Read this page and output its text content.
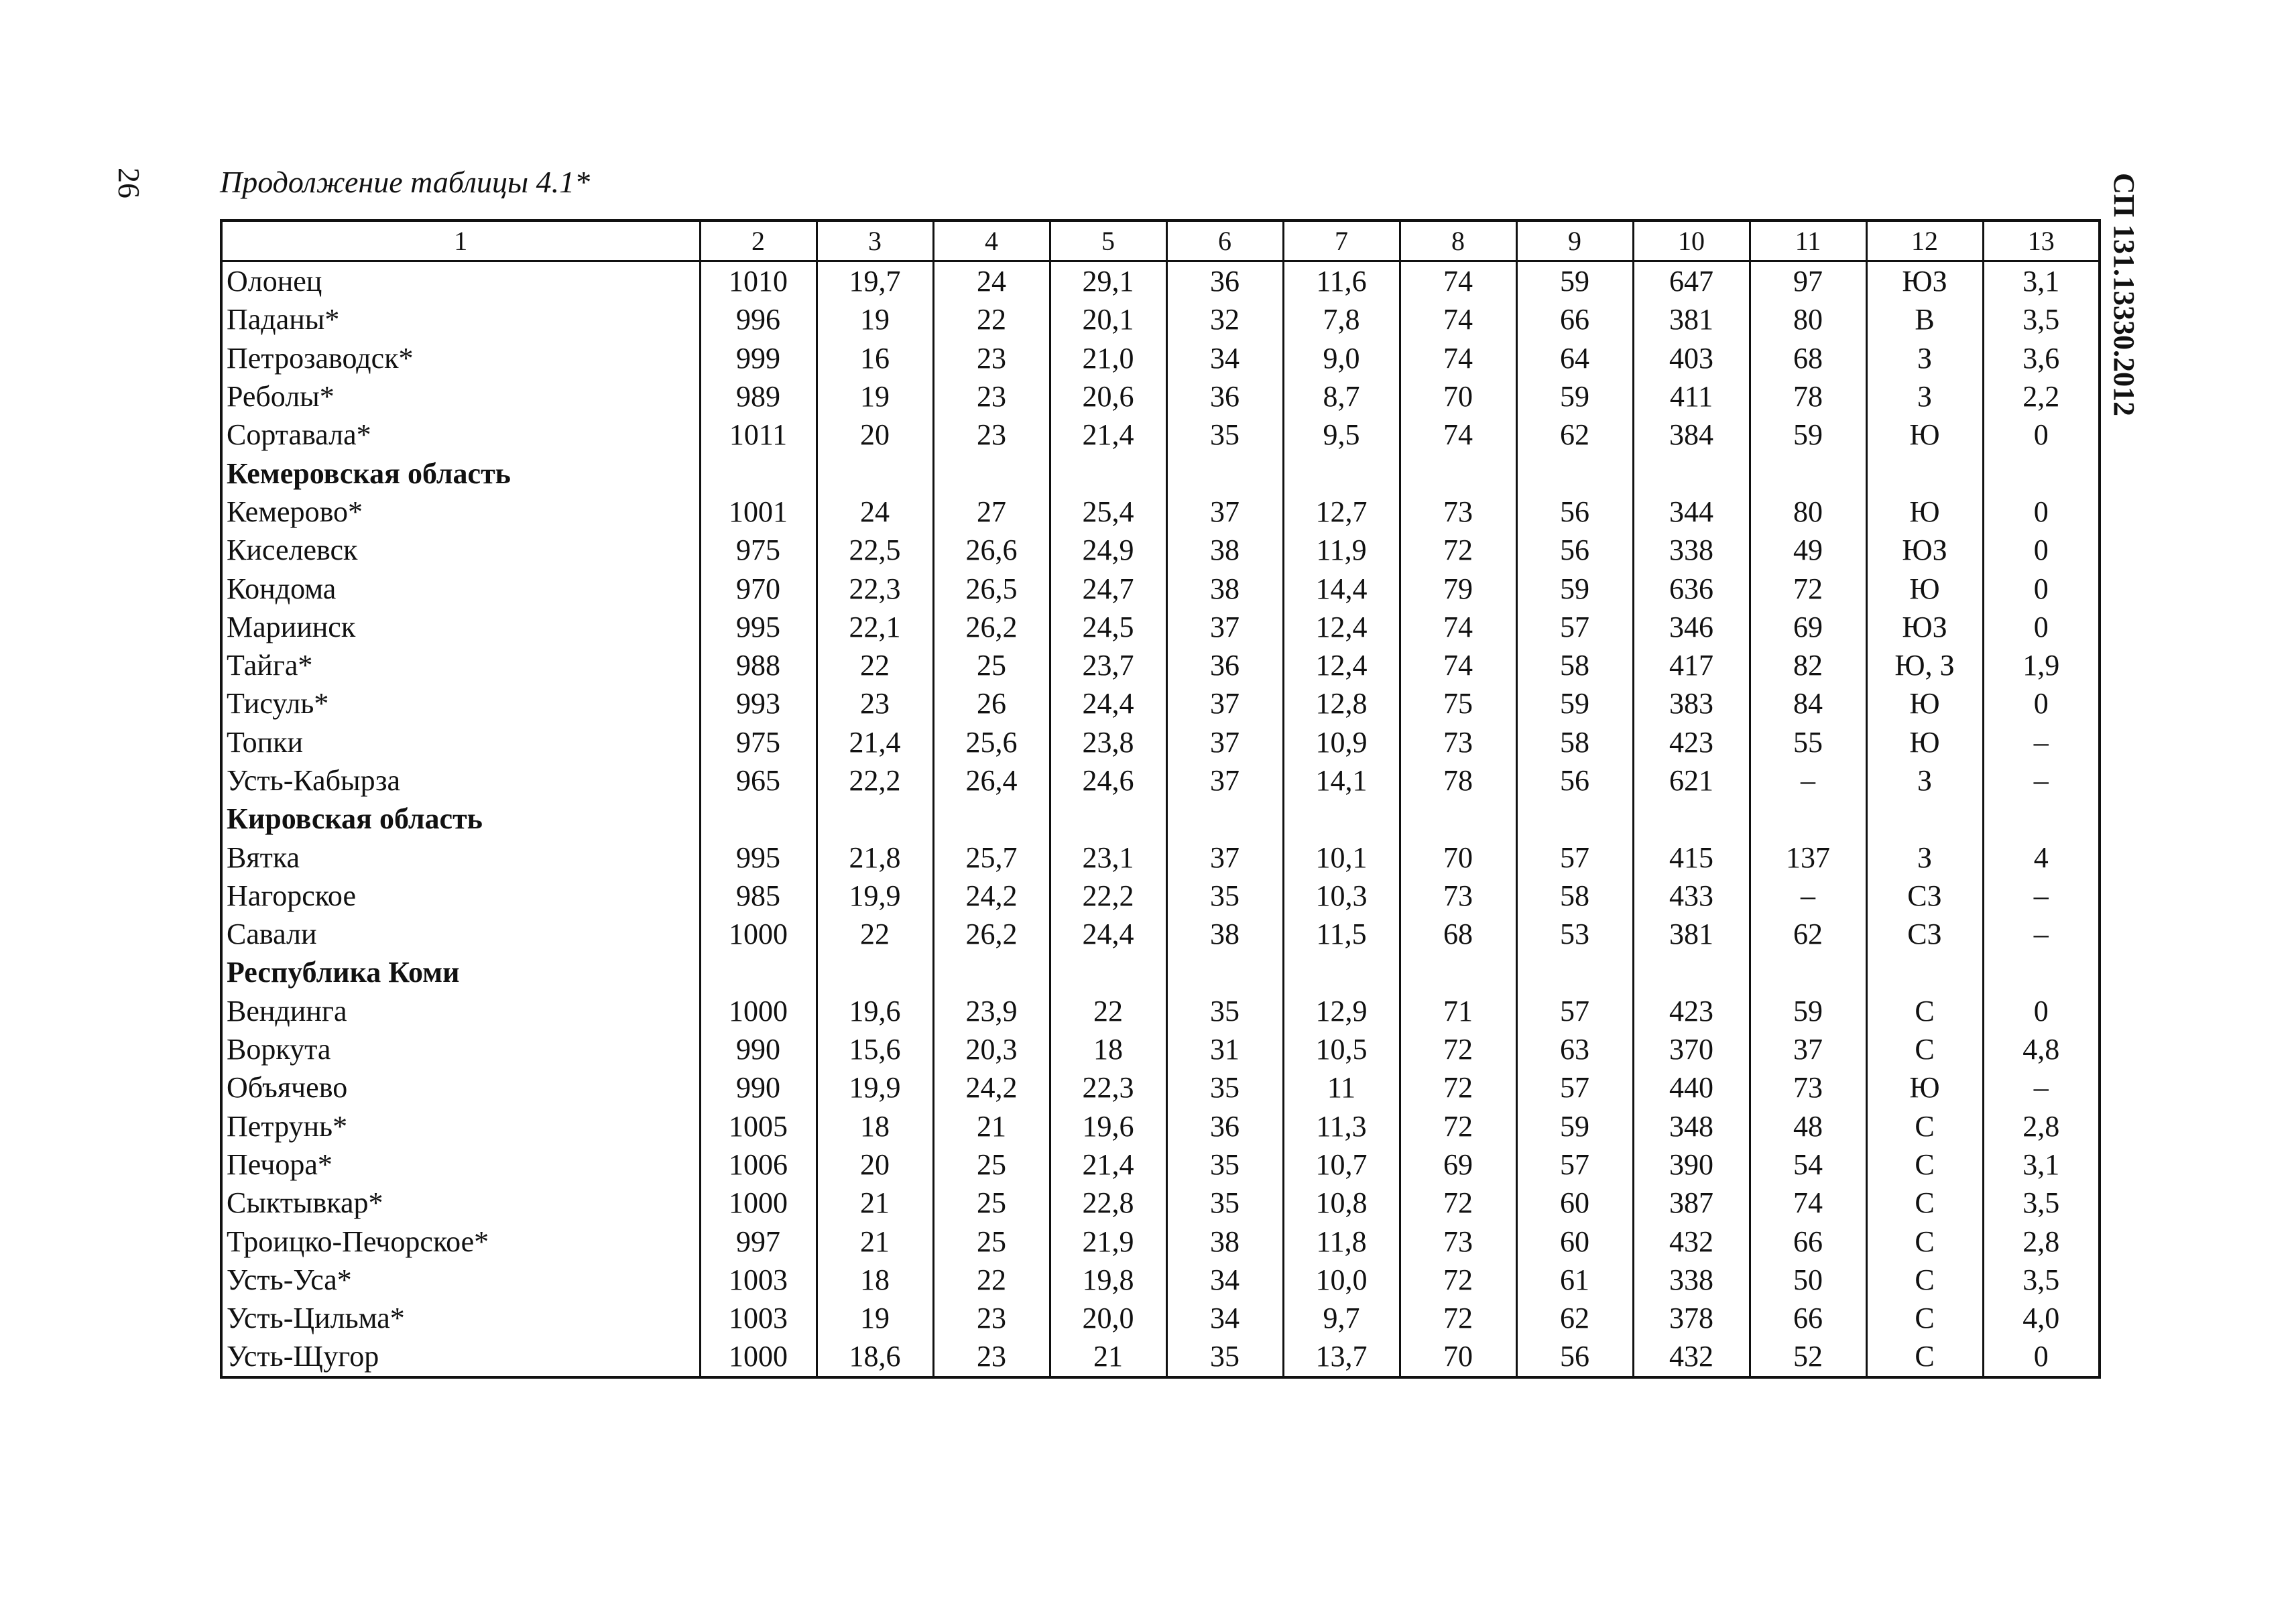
26 Продолжение таблицы 4.1*	СП 131.13330.2012
1	2	3	4	5	6	7	8	9	10	11	12	13
Олонец	1010	19,7	24	29,1	36	11,6	74	59	647	97	ЮЗ	3,1
Паданы*	996	19	22	20,1	32	7,8	74	66	381	80	В	3,5
Петрозаводск*	999	16	23	21,0	34	9,0	74	64	403	68	З	3,6
Реболы*	989	19	23	20,6	36	8,7	70	59	411	78	З	2,2
Сортавала*	1011	20	23	21,4	35	9,5	74	62	384	59	Ю	0
Кемеровская область												
Кемерово*	1001	24	27	25,4	37	12,7	73	56	344	80	Ю	0
Киселевск	975	22,5	26,6	24,9	38	11,9	72	56	338	49	ЮЗ	0
Кондома	970	22,3	26,5	24,7	38	14,4	79	59	636	72	Ю	0
Мариинск	995	22,1	26,2	24,5	37	12,4	74	57	346	69	ЮЗ	0
Тайга*	988	22	25	23,7	36	12,4	74	58	417	82	Ю, З	1,9
Тисуль*	993	23	26	24,4	37	12,8	75	59	383	84	Ю	0
Топки	975	21,4	25,6	23,8	37	10,9	73	58	423	55	Ю	–
Усть-Кабырза	965	22,2	26,4	24,6	37	14,1	78	56	621	–	З	–
Кировская область												
Вятка	995	21,8	25,7	23,1	37	10,1	70	57	415	137	З	4
Нагорское	985	19,9	24,2	22,2	35	10,3	73	58	433	–	СЗ	–
Савали	1000	22	26,2	24,4	38	11,5	68	53	381	62	СЗ	–
Республика Коми												
Вендинга	1000	19,6	23,9	22	35	12,9	71	57	423	59	С	0
Воркута	990	15,6	20,3	18	31	10,5	72	63	370	37	С	4,8
Объячево	990	19,9	24,2	22,3	35	11	72	57	440	73	Ю	–
Петрунь*	1005	18	21	19,6	36	11,3	72	59	348	48	С	2,8
Печора*	1006	20	25	21,4	35	10,7	69	57	390	54	С	3,1
Сыктывкар*	1000	21	25	22,8	35	10,8	72	60	387	74	С	3,5
Троицко-Печорское*	997	21	25	21,9	38	11,8	73	60	432	66	С	2,8
Усть-Уса*	1003	18	22	19,8	34	10,0	72	61	338	50	С	3,5
Усть-Цильма*	1003	19	23	20,0	34	9,7	72	62	378	66	С	4,0
Усть-Щугор	1000	18,6	23	21	35	13,7	70	56	432	52	С	0
